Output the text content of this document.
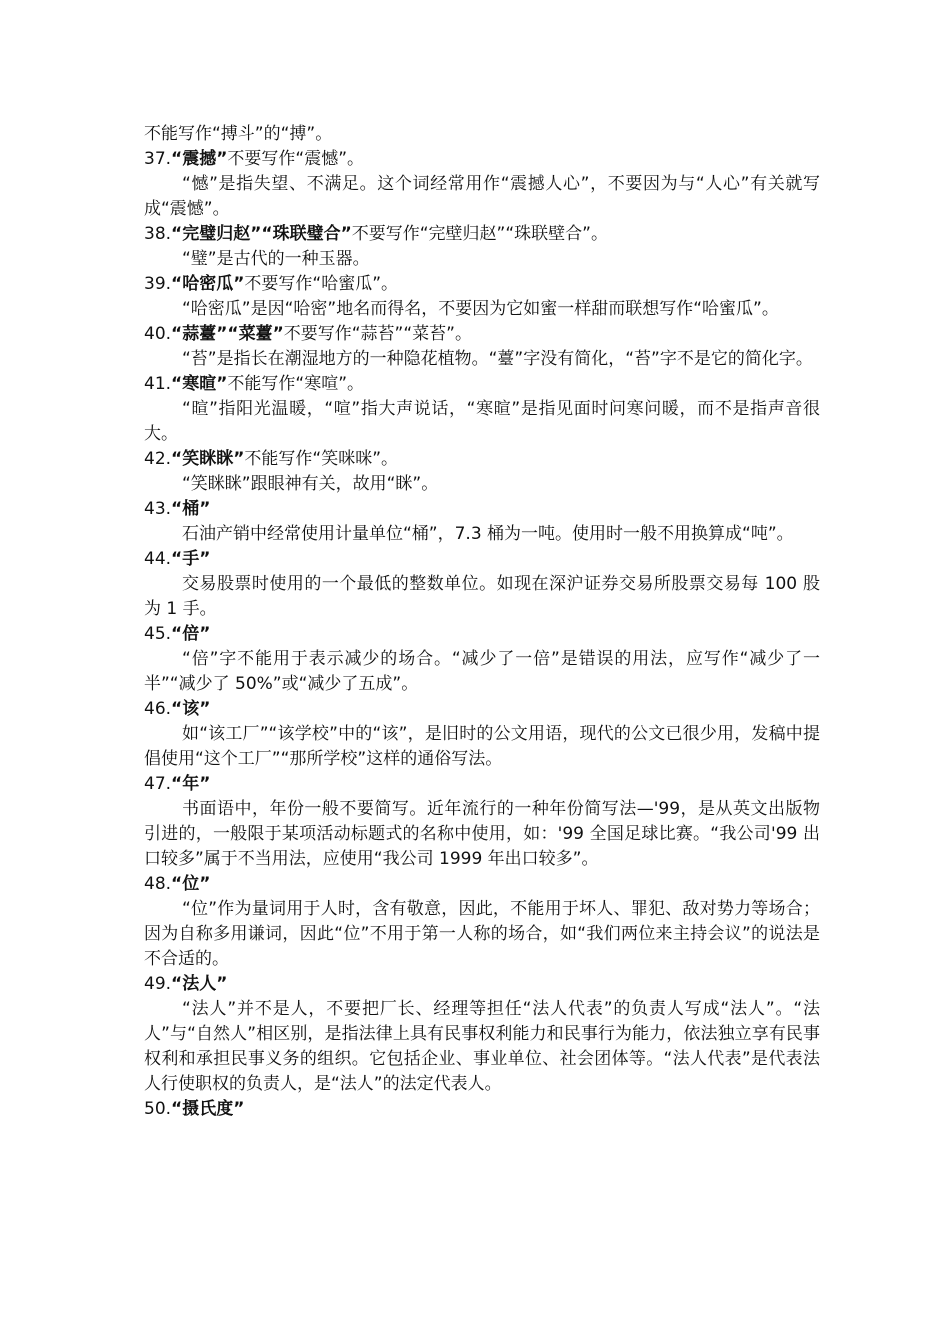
不能写作“搏斗”的“搏”。

37.“震撼”不要写作“震憾”。

“憾”是指失望、不满足。这个词经常用作“震撼人心”，不要因为与“人心”有关就写成“震憾”。

38.“完璧归赵”“珠联璧合”不要写作“完壁归赵”“珠联壁合”。

“璧”是古代的一种玉器。

39.“哈密瓜”不要写作“哈蜜瓜”。

“哈密瓜”是因“哈密”地名而得名，不要因为它如蜜一样甜而联想写作“哈蜜瓜”。

40.“蒜薹”“菜薹”不要写作“蒜苔”“菜苔”。

“苔”是指长在潮湿地方的一种隐花植物。“薹”字没有简化，“苔”字不是它的简化字。

41.“寒暄”不能写作“寒喧”。

“暄”指阳光温暖，“喧”指大声说话，“寒暄”是指见面时问寒问暖，而不是指声音很大。

42.“笑眯眯”不能写作“笑咪咪”。

“笑眯眯”跟眼神有关，故用“眯”。

43.“桶”

石油产销中经常使用计量单位“桶”，7.3 桶为一吨。使用时一般不用换算成“吨”。

44.“手”

交易股票时使用的一个最低的整数单位。如现在深沪证券交易所股票交易每 100 股为 1 手。

45.“倍”

“倍”字不能用于表示减少的场合。“减少了一倍”是错误的用法，应写作“减少了一半”“减少了 50%”或“减少了五成”。

46.“该”

如“该工厂”“该学校”中的“该”，是旧时的公文用语，现代的公文已很少用，发稿中提倡使用“这个工厂”“那所学校”这样的通俗写法。

47.“年”

书面语中，年份一般不要简写。近年流行的一种年份简写法—'99，是从英文出版物引进的，一般限于某项活动标题式的名称中使用，如：'99 全国足球比赛。“我公司'99 出口较多”属于不当用法，应使用“我公司 1999 年出口较多”。

48.“位”

“位”作为量词用于人时，含有敬意，因此，不能用于坏人、罪犯、敌对势力等场合；因为自称多用谦词，因此“位”不用于第一人称的场合，如“我们两位来主持会议”的说法是不合适的。

49.“法人”

“法人”并不是人，不要把厂长、经理等担任“法人代表”的负责人写成“法人”。“法人”与“自然人”相区别，是指法律上具有民事权利能力和民事行为能力，依法独立享有民事权利和承担民事义务的组织。它包括企业、事业单位、社会团体等。“法人代表”是代表法人行使职权的负责人，是“法人”的法定代表人。

50.“摄氏度”
